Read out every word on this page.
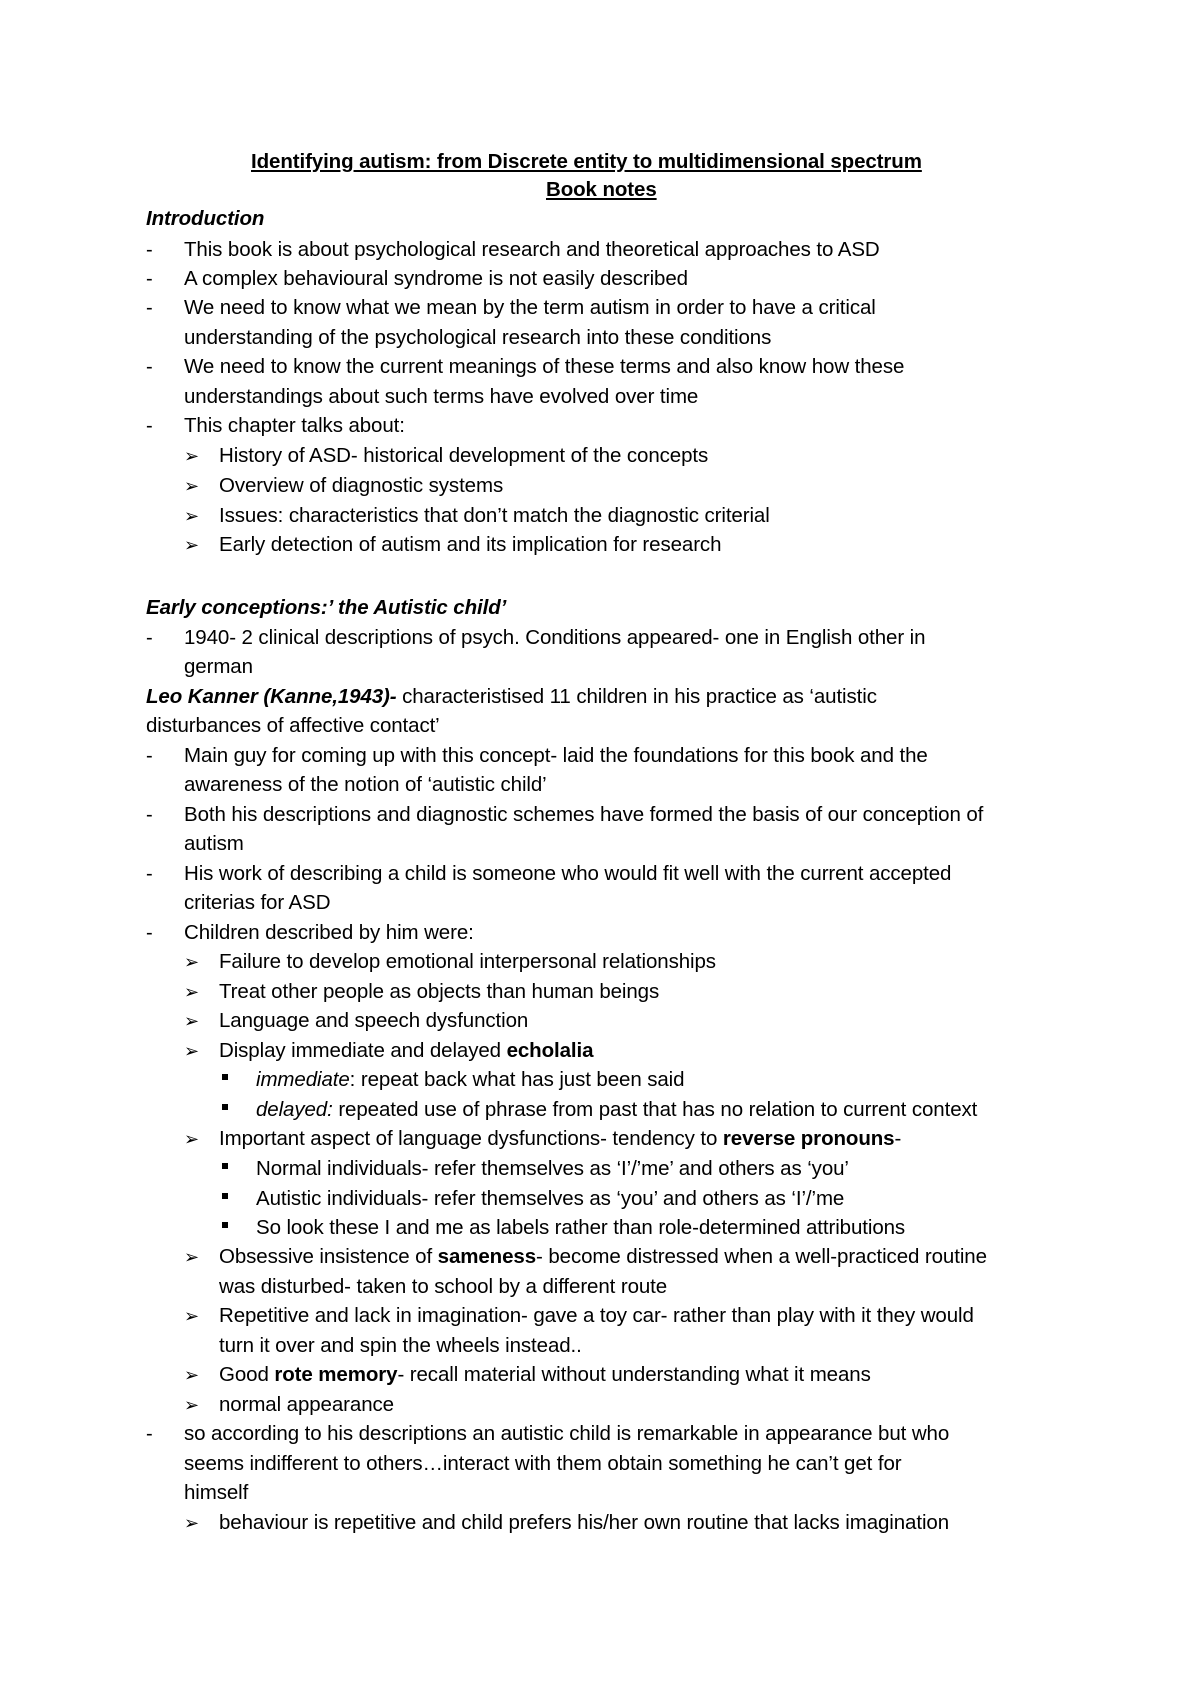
Identifying autism: from Discrete entity to multidimensional spectrum
Book notes
Introduction
- This book is about psychological research and theoretical approaches to ASD
- A complex behavioural syndrome is not easily described
- We need to know what we mean by the term autism in order to have a critical
understanding of the psychological research into these conditions
- We need to know the current meanings of these terms and also know how these
understandings about such terms have evolved over time
- This chapter talks about:
➢ History of ASD- historical development of the concepts
➢ Overview of diagnostic systems
➢ Issues: characteristics that don’t match the diagnostic criterial
➢ Early detection of autism and its implication for research
Early conceptions:’ the Autistic child’
- 1940- 2 clinical descriptions of psych. Conditions appeared- one in English other in
german
Leo Kanner (Kanne,1943)- characteristised 11 children in his practice as ‘autistic
disturbances of affective contact’
- Main guy for coming up with this concept- laid the foundations for this book and the
awareness of the notion of ‘autistic child’
- Both his descriptions and diagnostic schemes have formed the basis of our conception of
autism
- His work of describing a child is someone who would fit well with the current accepted
criterias for ASD
- Children described by him were:
➢ Failure to develop emotional interpersonal relationships
➢ Treat other people as objects than human beings
➢ Language and speech dysfunction
➢ Display immediate and delayed echolalia
immediate: repeat back what has just been said
delayed: repeated use of phrase from past that has no relation to current context
➢ Important aspect of language dysfunctions- tendency to reverse pronouns-
Normal individuals- refer themselves as ‘I’/’me’ and others as ‘you’
Autistic individuals- refer themselves as ‘you’ and others as ‘I’/’me
So look these I and me as labels rather than role-determined attributions
➢ Obsessive insistence of sameness- become distressed when a well-practiced routine
was disturbed- taken to school by a different route
➢ Repetitive and lack in imagination- gave a toy car- rather than play with it they would
turn it over and spin the wheels instead..
➢ Good rote memory- recall material without understanding what it means
➢ normal appearance
- so according to his descriptions an autistic child is remarkable in appearance but who
seems indifferent to others…interact with them obtain something he can’t get for
himself
➢ behaviour is repetitive and child prefers his/her own routine that lacks imagination
